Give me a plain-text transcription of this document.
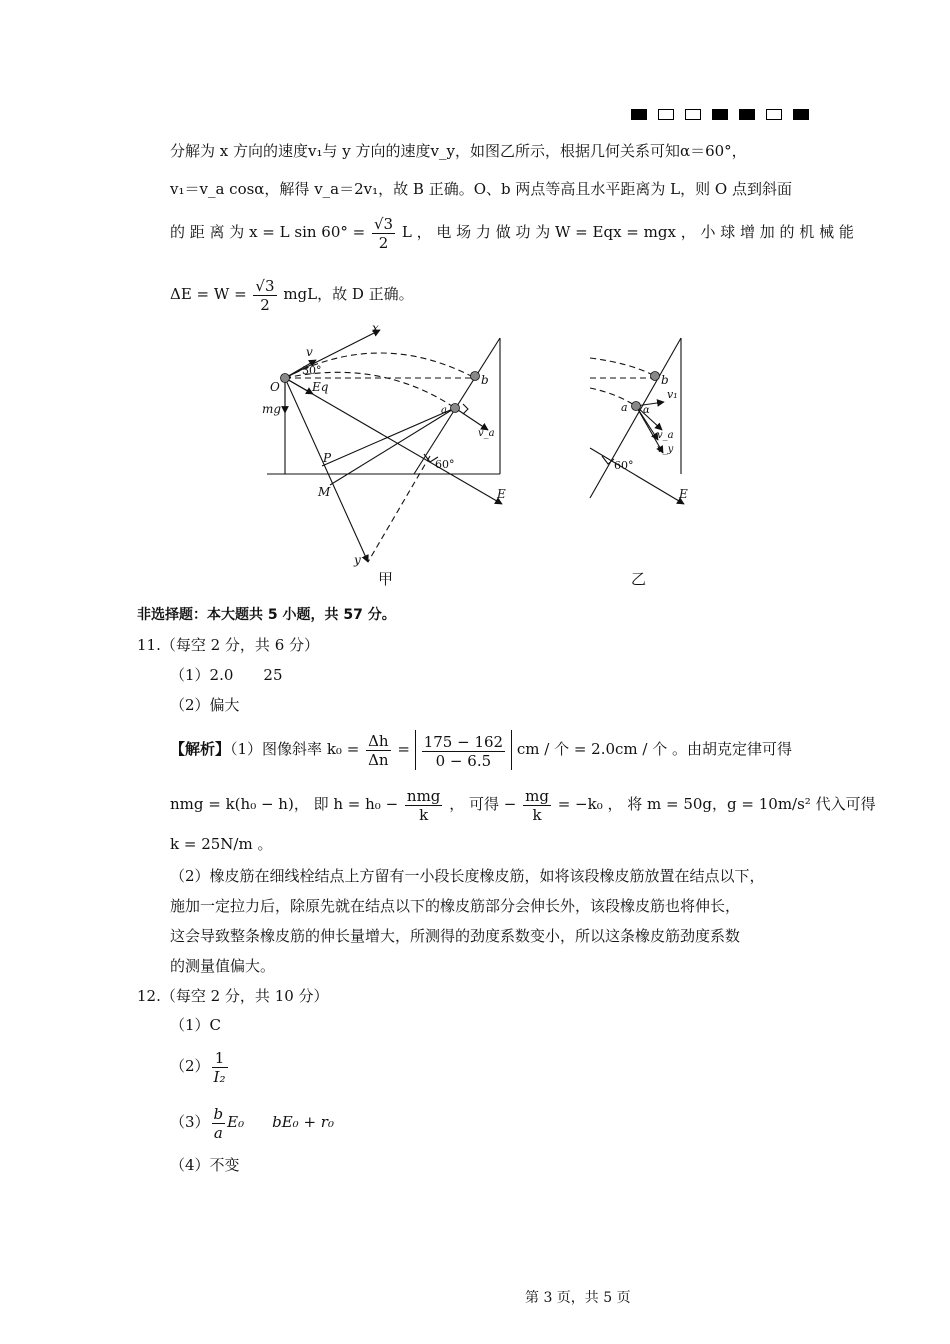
分解为 x 方向的速度v₁与 y 方向的速度v_y，如图乙所示，根据几何关系可知α＝60°，
v₁＝v_a cosα，解得 v_a＝2v₁，故 B 正确。O、b 两点等高且水平距离为 L，则 O 点到斜面
的 距 离 为 x = L $\sin 60^\circ = \frac{√3}{2}$ L ， 电 场 力 做 功 为 W = Eqx = mgx ， 小 球 增 加 的 机 械 能
$\Delta E = W = \frac{√3}{2}$ mgL，故 D 正确。
x
v
30°
O	Eq	b
mg	a
v_a
P
M
60°
E
y
甲
b
v₁
a α
v_a
v_y
60°
E
乙
非选择题：本大题共 5 小题，共 57 分。
11.（每空 2 分，共 6 分）
（1）2.0　　25
（2）偏大
【解析】（1）图像斜率 $k_0 = \frac{\Delta h}{\Delta n} = \frac{175 - 162}{0 - 6.5}$ cm / 个 = 2.0cm / 个 。由胡克定律可得
nmg = k(h₀ − h)， 即 $h = h_0 - \frac{\text{nmg}}{k}$ ， 可得 − $\frac{mg}{k} = -k_0$ ， 将 m = 50g，g = 10m/s² 代入可得
k = 25N/m 。
（2）橡皮筋在细线栓结点上方留有一小段长度橡皮筋，如将该段橡皮筋放置在结点以下，
施加一定拉力后，除原先就在结点以下的橡皮筋部分会伸长外，该段橡皮筋也将伸长，
这会导致整条橡皮筋的伸长量增大，所测得的劲度系数变小，所以这条橡皮筋劲度系数
的测量值偏大。
12.（每空 2 分，共 10 分）
（1）C
$(2) \frac{1}{\text{I₂}}$
$(3) \frac{b}{a} E_0$ bE₀ + r₀
（4）不变
第 3 页，共 5 页
